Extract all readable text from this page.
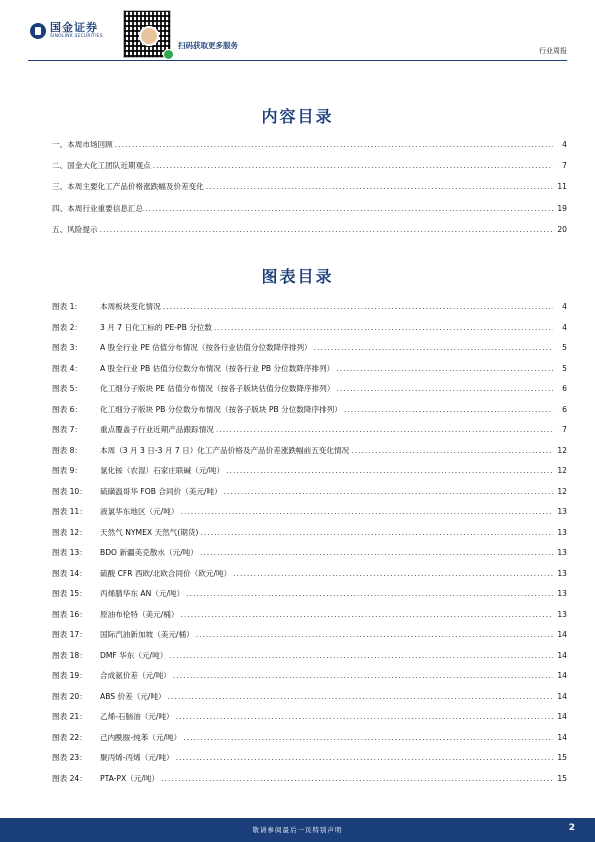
国金证券
SINOLINK SECURITIES
扫码获取更多服务
行业周报
内容目录
一、本周市场回顾 .....	4
二、国金大化工团队近期观点 .....	7
三、本周主要化工产品价格涨跌幅及价差变化 .....	11
四、本周行业重要信息汇总 .....	19
五、风险提示 .....	20
图表目录
图表 1：	本周板块变化情况 .....	4
图表 2：	3 月 7 日化工标的 PE-PB 分位数 .....	4
图表 3：	A 股全行业 PE 估值分布情况（按各行业估值分位数降序排列） .....	5
图表 4：	A 股全行业 PB 估值分位数分布情况（按各行业 PB 分位数降序排列） .....	5
图表 5：	化工细分子版块 PE 估值分布情况（按各子版块估值分位数降序排列） .....	6
图表 6：	化工细分子版块 PB 分位数分布情况（按各子版块 PB 分位数降序排列） .....	6
图表 7：	重点覆盖子行业近期产品跟踪情况 .....	7
图表 8：	本周（3 月 3 日-3 月 7 日）化工产品价格及产品价差涨跌幅前五变化情况 .....	12
图表 9：	氯化铵（农湿）石家庄联碱（元/吨） .....	12
图表 10：	硫磺温哥华 FOB 合同价（美元/吨） .....	12
图表 11：	液氯华东地区（元/吨） .....	13
图表 12：	天然气 NYMEX 天然气(期货) .....	13
图表 13：	BDO 新疆美克散水（元/吨） .....	13
图表 14：	硫酸 CFR 西欧/北欧合同价（欧元/吨） .....	13
图表 15：	丙烯腈华东 AN（元/吨） .....	13
图表 16：	原油布伦特（美元/桶） .....	13
图表 17：	国际汽油新加坡（美元/桶） .....	14
图表 18：	DMF 华东（元/吨） .....	14
图表 19：	合成氨价差（元/吨） .....	14
图表 20：	ABS 价差（元/吨） .....	14
图表 21：	乙烯-石脑油（元/吨） .....	14
图表 22：	己内酰胺-纯苯（元/吨） .....	14
图表 23：	聚丙烯-丙烯（元/吨） .....	15
图表 24：	PTA-PX（元/吨） .....	15
敬请参阅最后一页特别声明	2
